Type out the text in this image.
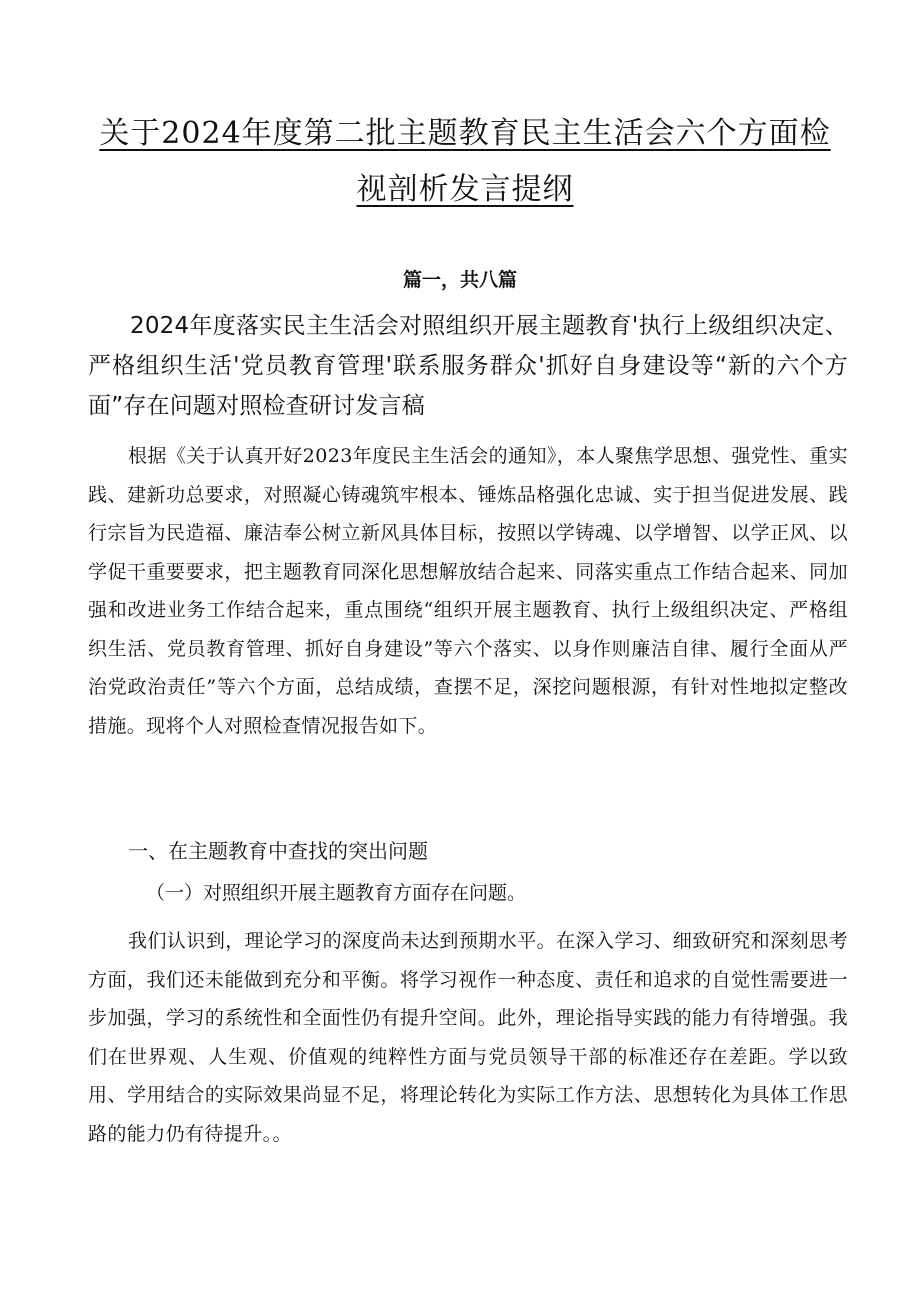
关于2024年度第二批主题教育民主生活会六个方面检视剖析发言提纲

篇一，共八篇

2024年度落实民主生活会对照组织开展主题教育'执行上级组织决定、严格组织生活'党员教育管理'联系服务群众'抓好自身建设等“新的六个方面”存在问题对照检查研讨发言稿

根据《关于认真开好2023年度民主生活会的通知》，本人聚焦学思想、强党性、重实践、建新功总要求，对照凝心铸魂筑牢根本、锤炼品格强化忠诚、实于担当促进发展、践行宗旨为民造福、廉洁奉公树立新风具体目标，按照以学铸魂、以学增智、以学正风、以学促干重要要求，把主题教育同深化思想解放结合起来、同落实重点工作结合起来、同加强和改进业务工作结合起来，重点围绕“组织开展主题教育、执行上级组织决定、严格组织生活、党员教育管理、抓好自身建设”等六个落实、以身作则廉洁自律、履行全面从严治党政治责任”等六个方面，总结成绩，查摆不足，深挖问题根源，有针对性地拟定整改措施。现将个人对照检查情况报告如下。

一、在主题教育中查找的突出问题
（一）对照组织开展主题教育方面存在问题。

我们认识到，理论学习的深度尚未达到预期水平。在深入学习、细致研究和深刻思考方面，我们还未能做到充分和平衡。将学习视作一种态度、责任和追求的自觉性需要进一步加强，学习的系统性和全面性仍有提升空间。此外，理论指导实践的能力有待增强。我们在世界观、人生观、价值观的纯粹性方面与党员领导干部的标准还存在差距。学以致用、学用结合的实际效果尚显不足，将理论转化为实际工作方法、思想转化为具体工作思路的能力仍有待提升。。
